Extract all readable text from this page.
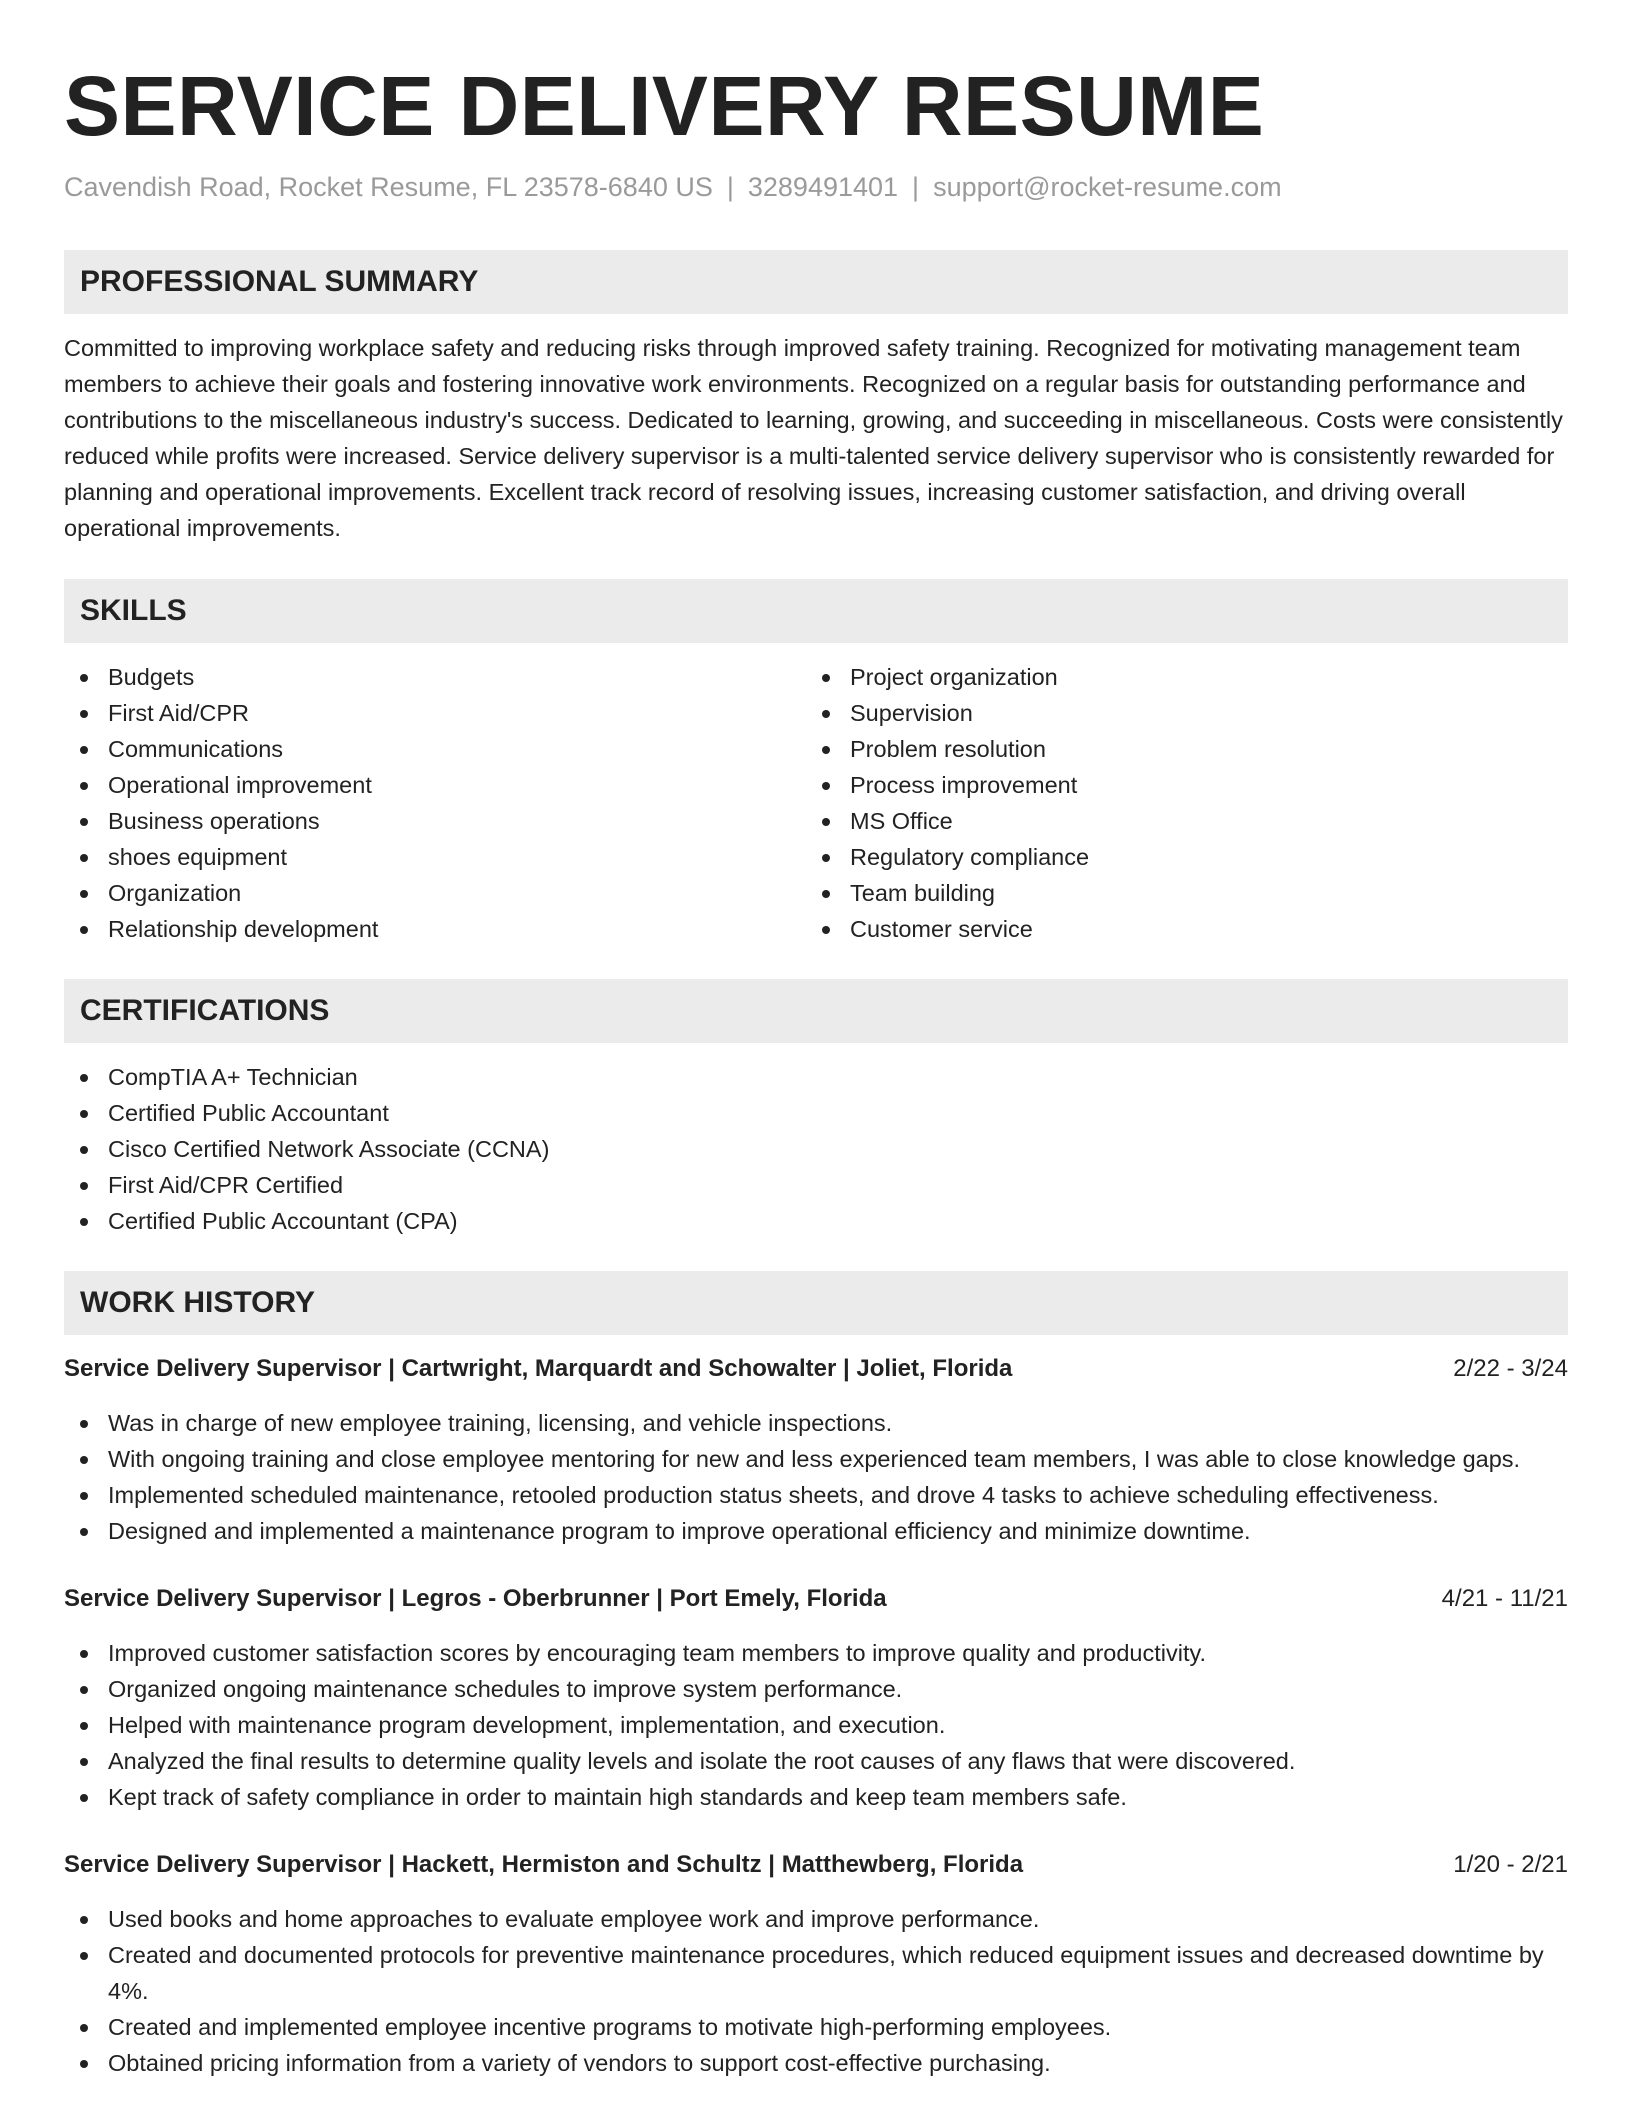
SERVICE DELIVERY RESUME
Cavendish Road, Rocket Resume, FL 23578-6840 US | 3289491401 | support@rocket-resume.com
PROFESSIONAL SUMMARY

Committed to improving workplace safety and reducing risks through improved safety training. Recognized for motivating management team members to achieve their goals and fostering innovative work environments. Recognized on a regular basis for outstanding performance and contributions to the miscellaneous industry's success. Dedicated to learning, growing, and succeeding in miscellaneous. Costs were consistently reduced while profits were increased. Service delivery supervisor is a multi-talented service delivery supervisor who is consistently rewarded for planning and operational improvements. Excellent track record of resolving issues, increasing customer satisfaction, and driving overall operational improvements.

SKILLS
Budgets
First Aid/CPR
Communications
Operational improvement
Business operations
shoes equipment
Organization
Relationship development
Project organization
Supervision
Problem resolution
Process improvement
MS Office
Regulatory compliance
Team building
Customer service
CERTIFICATIONS
CompTIA A+ Technician
Certified Public Accountant
Cisco Certified Network Associate (CCNA)
First Aid/CPR Certified
Certified Public Accountant (CPA)
WORK HISTORY
Service Delivery Supervisor | Cartwright, Marquardt and Schowalter | Joliet, Florida	2/22 - 3/24
Was in charge of new employee training, licensing, and vehicle inspections.
With ongoing training and close employee mentoring for new and less experienced team members, I was able to close knowledge gaps.
Implemented scheduled maintenance, retooled production status sheets, and drove 4 tasks to achieve scheduling effectiveness.
Designed and implemented a maintenance program to improve operational efficiency and minimize downtime.
Service Delivery Supervisor | Legros - Oberbrunner | Port Emely, Florida	4/21 - 11/21
Improved customer satisfaction scores by encouraging team members to improve quality and productivity.
Organized ongoing maintenance schedules to improve system performance.
Helped with maintenance program development, implementation, and execution.
Analyzed the final results to determine quality levels and isolate the root causes of any flaws that were discovered.
Kept track of safety compliance in order to maintain high standards and keep team members safe.
Service Delivery Supervisor | Hackett, Hermiston and Schultz | Matthewberg, Florida	1/20 - 2/21
Used books and home approaches to evaluate employee work and improve performance.
Created and documented protocols for preventive maintenance procedures, which reduced equipment issues and decreased downtime by 4%.
Created and implemented employee incentive programs to motivate high-performing employees.
Obtained pricing information from a variety of vendors to support cost-effective purchasing.
